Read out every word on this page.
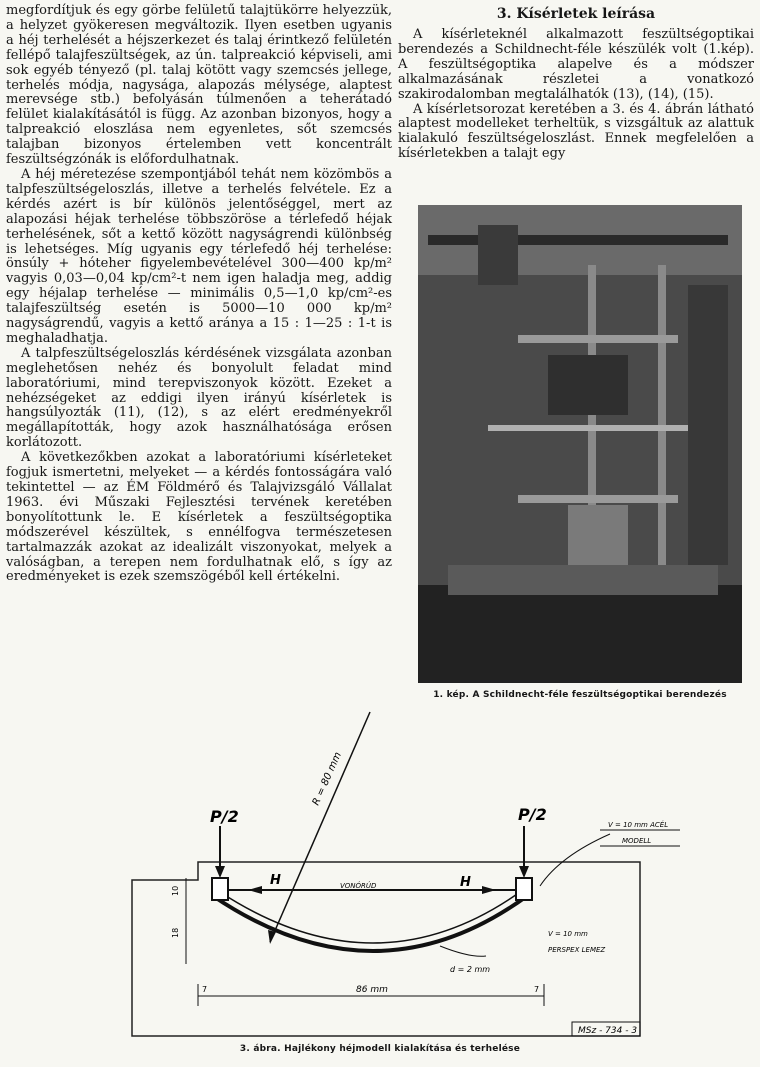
megfordítjuk és egy görbe felületű talajtükörre helyezzük, a helyzet gyökeresen megváltozik. Ilyen esetben ugyanis a héj terhelését a héjszerkezet és talaj érintkező felületén fellépő talajfeszültségek, az ún. talpreakció képviseli, ami sok egyéb tényező (pl. talaj kötött vagy szemcsés jellege, terhelés módja, nagysága, alapozás mélysége, alaptest merevsége stb.) befolyásán túlmenően a teherátadó felület kialakításától is függ. Az azonban bizonyos, hogy a talpreakció eloszlása nem egyenletes, sőt szemcsés talajban bizonyos értelemben vett koncentrált feszültségzónák is előfordulhatnak.

A héj méretezése szempontjából tehát nem közömbös a talpfeszültségeloszlás, illetve a terhelés felvétele. Ez a kérdés azért is bír különös jelentőséggel, mert az alapozási héjak terhelése többszöröse a térlefedő héjak terhelésének, sőt a kettő között nagyságrendi különbség is lehetséges. Míg ugyanis egy térlefedő héj terhelése: önsúly + hóteher figyelembevételével 300—400 kp/m² vagyis 0,03—0,04 kp/cm²-t nem igen haladja meg, addig egy héjalap terhelése — minimális 0,5—1,0 kp/cm²-es talajfeszültség esetén is 5000—10 000 kp/m² nagyságrendű, vagyis a kettő aránya a 15 : 1—25 : 1-t is meghaladhatja.

A talpfeszültségeloszlás kérdésének vizsgálata azonban meglehetősen nehéz és bonyolult feladat mind laboratóriumi, mind terepviszonyok között. Ezeket a nehézségeket az eddigi ilyen irányú kísérletek is hangsúlyozták (11), (12), s az elért eredményekről megállapították, hogy azok használhatósága erősen korlátozott.

A következőkben azokat a laboratóriumi kísérleteket fogjuk ismertetni, melyeket — a kérdés fontosságára való tekintettel — az ÉM Földmérő és Talajvizsgáló Vállalat 1963. évi Műszaki Fejlesztési tervének keretében bonyolítottunk le. E kísérletek a feszültségoptika módszerével készültek, s ennélfogva természetesen tartalmazzák azokat az idealizált viszonyokat, melyek a valóságban, a terepen nem fordulhatnak elő, s így az eredményeket is ezek szemszögéből kell értékelni.

3. Kísérletek leírása

A kísérleteknél alkalmazott feszültségoptikai berendezés a Schildnecht-féle készülék volt (1.kép). A feszültségoptika alapelve és a módszer alkalmazásának részletei a vonatkozó szakirodalomban megtalálhatók (13), (14), (15).

A kísérletsorozat keretében a 3. és 4. ábrán látható alaptest modelleket terheltük, s vizsgáltuk az alattuk kialakuló feszültségeloszlást. Ennek megfelelően a kísérletekben a talajt egy

1. kép. A Schildnecht-féle feszültségoptikai berendezés
P/2	P/2
R = 80 mm
H	H
VONÓRÚD
V = 10 mm ACÉL
MODELL
V = 10 mm
PERSPEX LEMEZ
d = 2 mm
10
18
86 mm
7	7
MSz - 734 - 3
3. ábra. Hajlékony héjmodell kialakítása és terhelése
